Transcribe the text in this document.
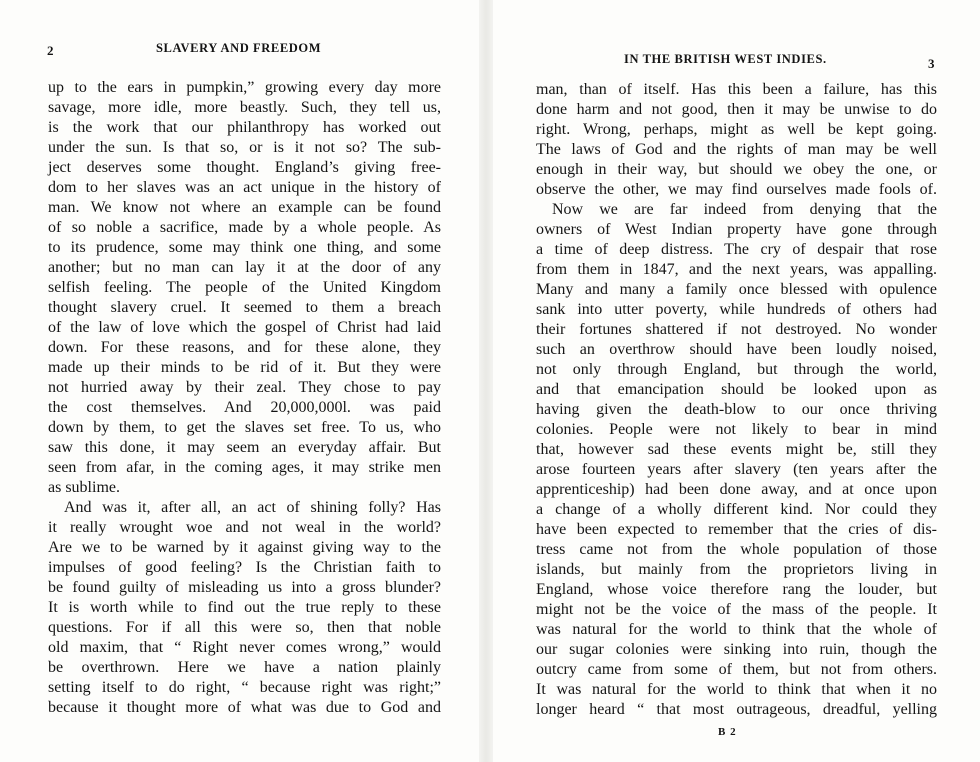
2	SLAVERY AND FREEDOM
up to the ears in pumpkin,” growing every day more
savage, more idle, more beastly. Such, they tell us,
is the work that our philanthropy has worked out
under the sun. Is that so, or is it not so? The sub-
ject deserves some thought. England’s giving free-
dom to her slaves was an act unique in the history of
man. We know not where an example can be found
of so noble a sacrifice, made by a whole people. As
to its prudence, some may think one thing, and some
another; but no man can lay it at the door of any
selfish feeling. The people of the United Kingdom
thought slavery cruel. It seemed to them a breach
of the law of love which the gospel of Christ had laid
down. For these reasons, and for these alone, they
made up their minds to be rid of it. But they were
not hurried away by their zeal. They chose to pay
the cost themselves. And 20,000,000l. was paid
down by them, to get the slaves set free. To us, who
saw this done, it may seem an everyday affair. But
seen from afar, in the coming ages, it may strike men
as sublime.
And was it, after all, an act of shining folly? Has
it really wrought woe and not weal in the world?
Are we to be warned by it against giving way to the
impulses of good feeling? Is the Christian faith to
be found guilty of misleading us into a gross blunder?
It is worth while to find out the true reply to these
questions. For if all this were so, then that noble
old maxim, that “ Right never comes wrong,” would
be overthrown. Here we have a nation plainly
setting itself to do right, “ because right was right;”
because it thought more of what was due to God and
IN THE BRITISH WEST INDIES.	3
man, than of itself. Has this been a failure, has this
done harm and not good, then it may be unwise to do
right. Wrong, perhaps, might as well be kept going.
The laws of God and the rights of man may be well
enough in their way, but should we obey the one, or
observe the other, we may find ourselves made fools of.
Now we are far indeed from denying that the
owners of West Indian property have gone through
a time of deep distress. The cry of despair that rose
from them in 1847, and the next years, was appalling.
Many and many a family once blessed with opulence
sank into utter poverty, while hundreds of others had
their fortunes shattered if not destroyed. No wonder
such an overthrow should have been loudly noised,
not only through England, but through the world,
and that emancipation should be looked upon as
having given the death-blow to our once thriving
colonies. People were not likely to bear in mind
that, however sad these events might be, still they
arose fourteen years after slavery (ten years after the
apprenticeship) had been done away, and at once upon
a change of a wholly different kind. Nor could they
have been expected to remember that the cries of dis-
tress came not from the whole population of those
islands, but mainly from the proprietors living in
England, whose voice therefore rang the louder, but
might not be the voice of the mass of the people. It
was natural for the world to think that the whole of
our sugar colonies were sinking into ruin, though the
outcry came from some of them, but not from others.
It was natural for the world to think that when it no
longer heard “ that most outrageous, dreadful, yelling
B 2
